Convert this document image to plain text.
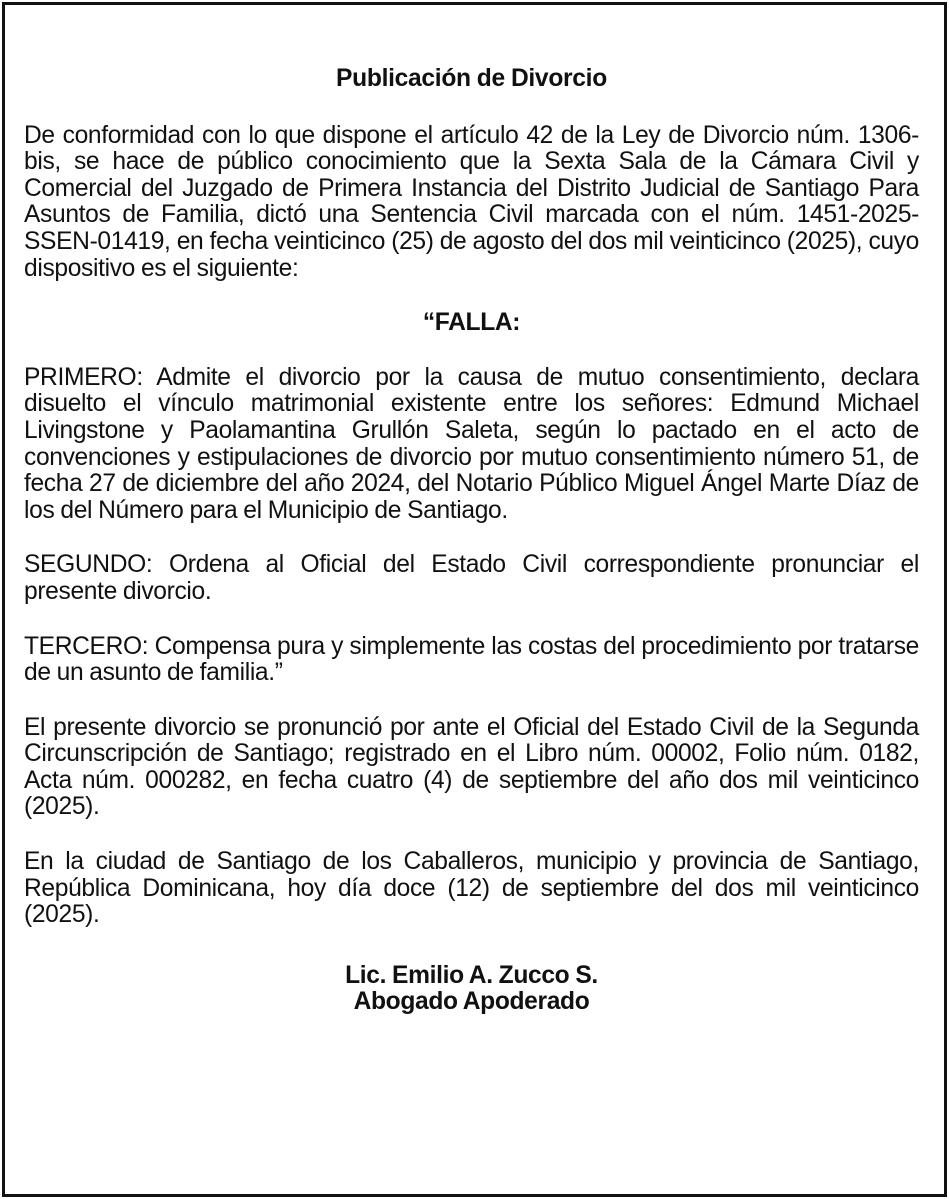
Publicación de Divorcio

De conformidad con lo que dispone el artículo 42 de la Ley de Divorcio núm. 1306-bis, se hace de público conocimiento que la Sexta Sala de la Cámara Civil y Comercial del Juzgado de Primera Instancia del Distrito Judicial de Santiago Para Asuntos de Familia, dictó una Sentencia Civil marcada con el núm. 1451-2025-SSEN-01419, en fecha veinticinco (25) de agosto del dos mil veinticinco (2025), cuyo dispositivo es el siguiente:

“FALLA:

PRIMERO: Admite el divorcio por la causa de mutuo consentimiento, declara disuelto el vínculo matrimonial existente entre los señores: Edmund Michael Livingstone y Paolamantina Grullón Saleta, según lo pactado en el acto de convenciones y estipulaciones de divorcio por mutuo consentimiento número 51, de fecha 27 de diciembre del año 2024, del Notario Público Miguel Ángel Marte Díaz de los del Número para el Municipio de Santiago.

SEGUNDO: Ordena al Oficial del Estado Civil correspondiente pronunciar el presente divorcio.

TERCERO: Compensa pura y simplemente las costas del procedimiento por tratarse de un asunto de familia.”

El presente divorcio se pronunció por ante el Oficial del Estado Civil de la Segunda Circunscripción de Santiago; registrado en el Libro núm. 00002, Folio núm. 0182, Acta núm. 000282, en fecha cuatro (4) de septiembre del año dos mil veinticinco (2025).

En la ciudad de Santiago de los Caballeros, municipio y provincia de Santiago, República Dominicana, hoy día doce (12) de septiembre del dos mil veinticinco (2025).

Lic. Emilio A. Zucco S.

Abogado Apoderado
